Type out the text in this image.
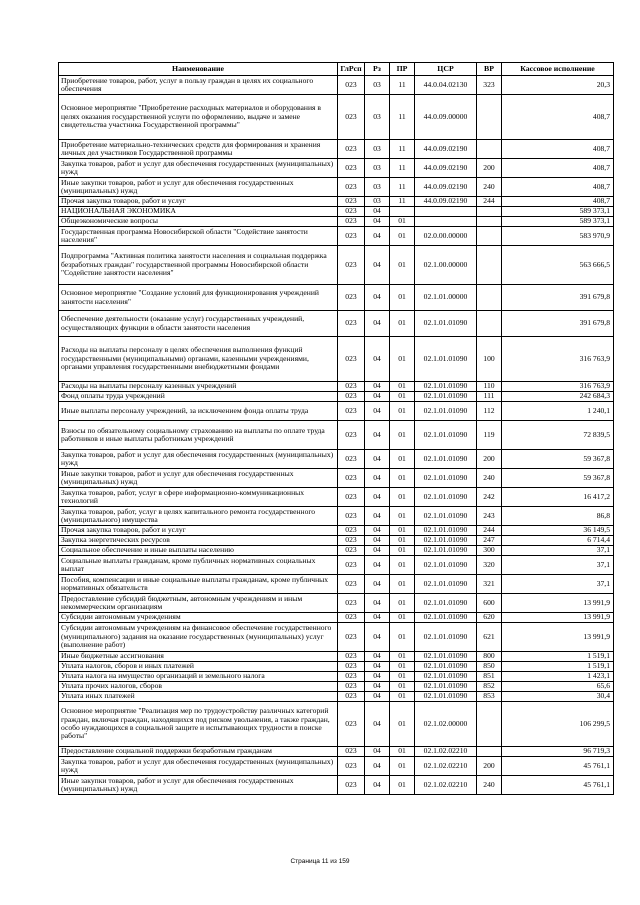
Наименование	ГлРсп	Рз	ПР	ЦСР	ВР	Кассовое исполнение
Приобретение товаров, работ, услуг в пользу граждан в целях их социального обеспечения	023	03	11	44.0.04.02130	323	20,3
Основное мероприятие "Приобретение расходных материалов и оборудования в целях оказания государственной услуги по оформлению, выдаче и замене свидетельства участника Государственной программы"	023	03	11	44.0.09.00000		408,7
Приобретение материально-технических средств для формирования и хранения личных дел участников Государственной программы	023	03	11	44.0.09.02190		408,7
Закупка товаров, работ и услуг для обеспечения государственных (муниципальных) нужд	023	03	11	44.0.09.02190	200	408,7
Иные закупки товаров, работ и услуг для обеспечения государственных (муниципальных) нужд	023	03	11	44.0.09.02190	240	408,7
Прочая закупка товаров, работ и услуг	023	03	11	44.0.09.02190	244	408,7
НАЦИОНАЛЬНАЯ ЭКОНОМИКА	023	04				589 373,1
Общеэкономические вопросы	023	04	01			589 373,1
Государственная программа Новосибирской области "Содействие занятости населения"	023	04	01	02.0.00.00000		583 970,9
Подпрограмма "Активная политика занятости населения и социальная поддержка безработных граждан" государственной программы Новосибирской области "Содействие занятости населения"	023	04	01	02.1.00.00000		563 666,5
Основное мероприятие "Создание условий для функционирования учреждений занятости населения"	023	04	01	02.1.01.00000		391 679,8
Обеспечение деятельности (оказание услуг) государственных учреждений, осуществляющих функции в области занятости населения	023	04	01	02.1.01.01090		391 679,8
Расходы на выплаты персоналу в целях обеспечения выполнения функций государственными (муниципальными) органами, казенными учреждениями, органами управления государственными внебюджетными фондами	023	04	01	02.1.01.01090	100	316 763,9
Расходы на выплаты персоналу казенных учреждений	023	04	01	02.1.01.01090	110	316 763,9
Фонд оплаты труда учреждений	023	04	01	02.1.01.01090	111	242 684,3
Иные выплаты персоналу учреждений, за исключением фонда оплаты труда	023	04	01	02.1.01.01090	112	1 240,1
Взносы по обязательному социальному страхованию на выплаты по оплате труда работников и иные выплаты работникам учреждений	023	04	01	02.1.01.01090	119	72 839,5
Закупка товаров, работ и услуг для обеспечения государственных (муниципальных) нужд	023	04	01	02.1.01.01090	200	59 367,8
Иные закупки товаров, работ и услуг для обеспечения государственных (муниципальных) нужд	023	04	01	02.1.01.01090	240	59 367,8
Закупка товаров, работ, услуг в сфере информационно-коммуникационных технологий	023	04	01	02.1.01.01090	242	16 417,2
Закупка товаров, работ, услуг в целях капитального ремонта государственного (муниципального) имущества	023	04	01	02.1.01.01090	243	86,8
Прочая закупка товаров, работ и услуг	023	04	01	02.1.01.01090	244	36 149,5
Закупка энергетических ресурсов	023	04	01	02.1.01.01090	247	6 714,4
Социальное обеспечение и иные выплаты населению	023	04	01	02.1.01.01090	300	37,1
Социальные выплаты гражданам, кроме публичных нормативных социальных выплат	023	04	01	02.1.01.01090	320	37,1
Пособия, компенсации и иные социальные выплаты гражданам, кроме публичных нормативных обязательств	023	04	01	02.1.01.01090	321	37,1
Предоставление субсидий бюджетным, автономным учреждениям и иным некоммерческим организациям	023	04	01	02.1.01.01090	600	13 991,9
Субсидии автономным учреждениям	023	04	01	02.1.01.01090	620	13 991,9
Субсидии автономным учреждениям на финансовое обеспечение государственного (муниципального) задания на оказание государственных (муниципальных) услуг (выполнение работ)	023	04	01	02.1.01.01090	621	13 991,9
Иные бюджетные ассигнования	023	04	01	02.1.01.01090	800	1 519,1
Уплата налогов, сборов и иных платежей	023	04	01	02.1.01.01090	850	1 519,1
Уплата налога на имущество организаций и земельного налога	023	04	01	02.1.01.01090	851	1 423,1
Уплата прочих налогов, сборов	023	04	01	02.1.01.01090	852	65,6
Уплата иных платежей	023	04	01	02.1.01.01090	853	30,4
Основное мероприятие "Реализация мер по трудоустройству различных категорий граждан, включая граждан, находящихся под риском увольнения, а также граждан, особо нуждающихся в социальной защите и испытывающих трудности в поиске работы"	023	04	01	02.1.02.00000		106 299,5
Предоставление социальной поддержки безработным гражданам	023	04	01	02.1.02.02210		96 719,3
Закупка товаров, работ и услуг для обеспечения государственных (муниципальных) нужд	023	04	01	02.1.02.02210	200	45 761,1
Иные закупки товаров, работ и услуг для обеспечения государственных (муниципальных) нужд	023	04	01	02.1.02.02210	240	45 761,1
Страница 11 из 159
